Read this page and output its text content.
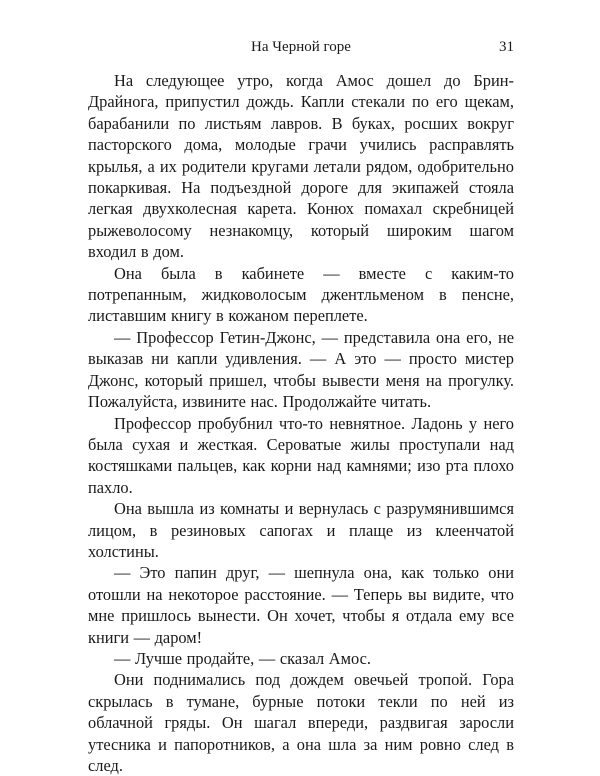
На Черной горе	31

На следующее утро, когда Амос дошел до Брин-Драйнога, припустил дождь. Капли стекали по его щекам, барабанили по листьям лавров. В буках, росших вокруг пасторского дома, молодые грачи учились расправлять крылья, а их родители кругами летали рядом, одобрительно покаркивая. На подъездной дороге для экипажей стояла легкая двухколесная карета. Конюх помахал скребницей рыжеволосому незнакомцу, который широким шагом входил в дом.

Она была в кабинете — вместе с каким-то потрепанным, жидковолосым джентльменом в пенсне, листавшим книгу в кожаном переплете.

— Профессор Гетин-Джонс, — представила она его, не выказав ни капли удивления. — А это — просто мистер Джонс, который пришел, чтобы вывести меня на прогулку. Пожалуйста, извините нас. Продолжайте читать.

Профессор пробубнил что-то невнятное. Ладонь у него была сухая и жесткая. Сероватые жилы проступали над костяшками пальцев, как корни над камнями; изо рта плохо пахло.

Она вышла из комнаты и вернулась с разрумянившимся лицом, в резиновых сапогах и плаще из клеенчатой холстины.

— Это папин друг, — шепнула она, как только они отошли на некоторое расстояние. — Теперь вы видите, что мне пришлось вынести. Он хочет, чтобы я отдала ему все книги — даром!

— Лучше продайте, — сказал Амос.

Они поднимались под дождем овечьей тропой. Гора скрылась в тумане, бурные потоки текли по ней из облачной гряды. Он шагал впереди, раздвигая заросли утесника и папоротников, а она шла за ним ровно след в след.
